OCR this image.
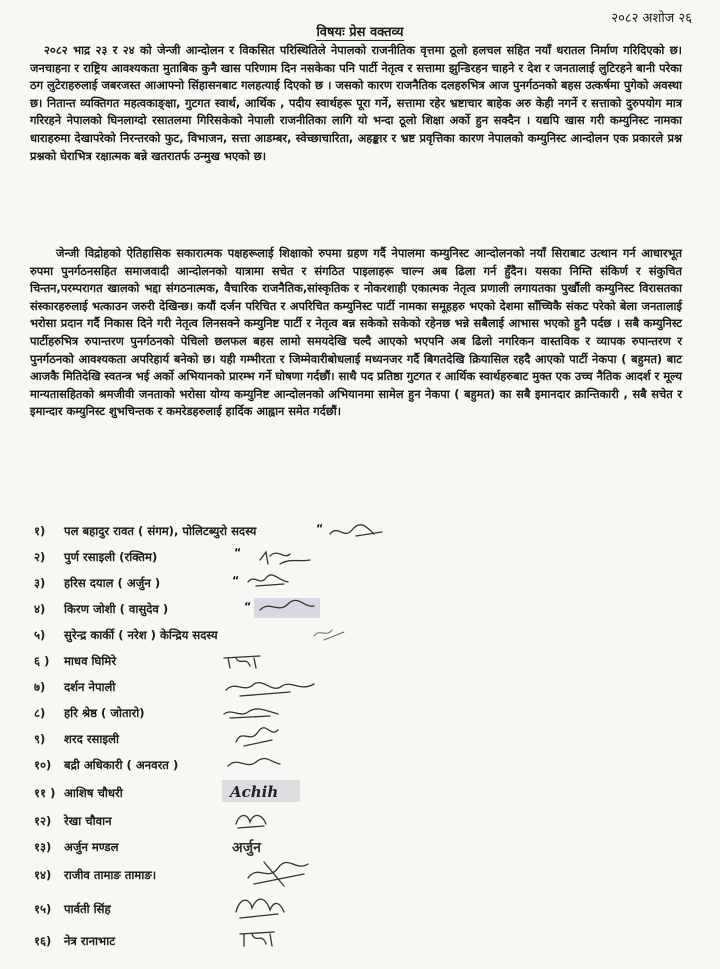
२०८२ अशोज २६
विषयः प्रेस वक्तव्य

२०८२ भाद्र २३ र २४ को जेन्जी आन्दोलन र विकसित परिस्थितिले नेपालको राजनीतिक वृत्तमा ठूलो हलचल सहित नयाँ धरातल निर्माण गरिदिएको छ। जनचाहना र राष्ट्रिय आवश्यकता मुताबिक कुनै खास परिणाम दिन नसकेका पनि पार्टी नेतृत्व र सत्तामा झुन्डिरहन चाहने र देश र जनतालाई लुटिरहने बानी परेका ठग लुटेराहरुलाई जबरजस्त आआफ्नो सिंहासनबाट गलहत्याई दिएको छ । जसको कारण राजनैतिक दलहरुभित्र आज पुनर्गठनको बहस उत्कर्षमा पुगेको अवस्था छ। नितान्त व्यक्तिगत महत्वकाङ्क्षा, गुटगत स्वार्थ, आर्थिक , पदीय स्वार्थहरू पूरा गर्ने, सत्तामा रहेर भ्रष्टाचार बाहेक अरु केही नगर्ने र सत्ताको दुरुपयोग मात्र गरिरहने नेपालको घिनलाग्दो रसातलमा गिरिसकेको नेपाली राजनीतिका लागि यो भन्दा ठूलो शिक्षा अर्को हुन सक्दैन । यद्यपि खास गरी कम्युनिस्ट नामका धाराहरुमा देखापरेको निरन्तरको फुट, विभाजन, सत्ता आडम्बर, स्वेच्छाचारिता, अहङ्कार र भ्रष्ट प्रवृत्तिका कारण नेपालको कम्युनिस्ट आन्दोलन एक प्रकारले प्रश्न प्रश्नको घेराभित्र रक्षात्मक बन्ने खतरातर्फ उन्मुख भएको छ।

जेन्जी विद्रोहको ऐतिहासिक सकारात्मक पक्षहरूलाई शिक्षाको रुपमा ग्रहण गर्दै नेपालमा कम्युनिस्ट आन्दोलनको नयाँ सिराबाट उत्थान गर्न आधारभूत रुपमा पुनर्गठनसहित समाजवादी आन्दोलनको यात्रामा सचेत र संगठित पाइलाहरू चाल्न अब ढिला गर्न हुँदैन। यसका निम्ति संकिर्ण र संकुचित चिन्तन,परम्परागत खालको भद्दा संगठनात्मक, वैचारिक राजनैतिक,सांस्कृतिक र नोकरशाही एकात्मक नेतृत्व प्रणाली लगायतका पुर्खौली कम्युनिस्ट विरासतका संस्कारहरुलाई भत्काउन जरुरी देखिन्छ। कयौं दर्जन परिचित र अपरिचित कम्युनिस्ट पार्टी नामका समूहहरु भएको देशमा साँच्चिकै संकट परेको बेला जनतालाई भरोसा प्रदान गर्दै निकास दिने गरी नेतृत्व लिनसक्ने कम्युनिष्ट पार्टी र नेतृत्व बन्न सकेको सकेको रहेनछ भन्ने सबैलाई आभास भएको हुनै पर्दछ । सबै कम्युनिस्ट पार्टीहरुभित्र रुपान्तरण पुनर्गठनको पेचिलो छलफल बहस लामो समयदेखि चल्दै आएको भएपनि अब ढिलो नगरिकन वास्तविक र व्यापक रुपान्तरण र पुनर्गठनको आवश्यकता अपरिहार्य बनेको छ। यही गम्भीरता र जिम्मेवारीबोधलाई मध्यनजर गर्दै बिगतदेखि क्रियासिल रहदै आएको पार्टी नेकपा ( बहुमत) बाट आजकै मितिदेखि स्वतन्त्र भई अर्को अभियानको प्रारम्भ गर्ने घोषणा गर्दछौं। साथै पद प्रतिष्ठा गुटगत र आर्थिक स्वार्थहरुबाट मुक्त एक उच्च नैतिक आदर्श र मूल्य मान्यतासहितको श्रमजीवी जनताको भरोसा योग्य कम्युनिष्ट आन्दोलनको अभियानमा सामेल हुन नेकपा ( बहुमत) का सबै इमानदार क्रान्तिकारी , सबै सचेत र इमान्दार कम्युनिस्ट शुभचिन्तक र कमरेडहरुलाई हार्दिक आह्वान समेत गर्दछौं।

१) पल बहादुर रावत ( संगम), पोलिटब्युरो सदस्य	“
२) पुर्ण रसाइली (रक्तिम)	“
३) हरिस दयाल ( अर्जुन )	“
४) किरण जोशी ( वासुदेव )	“
५) सुरेन्द्र कार्की ( नरेश ) केन्द्रिय सदस्य
६ ) माधव घिमिरे
७) दर्शन नेपाली
८) हरि श्रेष्ठ ( जोतारो)
९) शरद रसाइली
१०) बद्री अधिकारी ( अनवरत )
११ ) आशिष चौधरी	Achih
१२) रेखा चौवान
१३) अर्जुन मण्डल	अर्जुन
१४) राजीव तामाङ तामाङ।
१५) पार्वती सिंह
१६) नेत्र रानाभाट
